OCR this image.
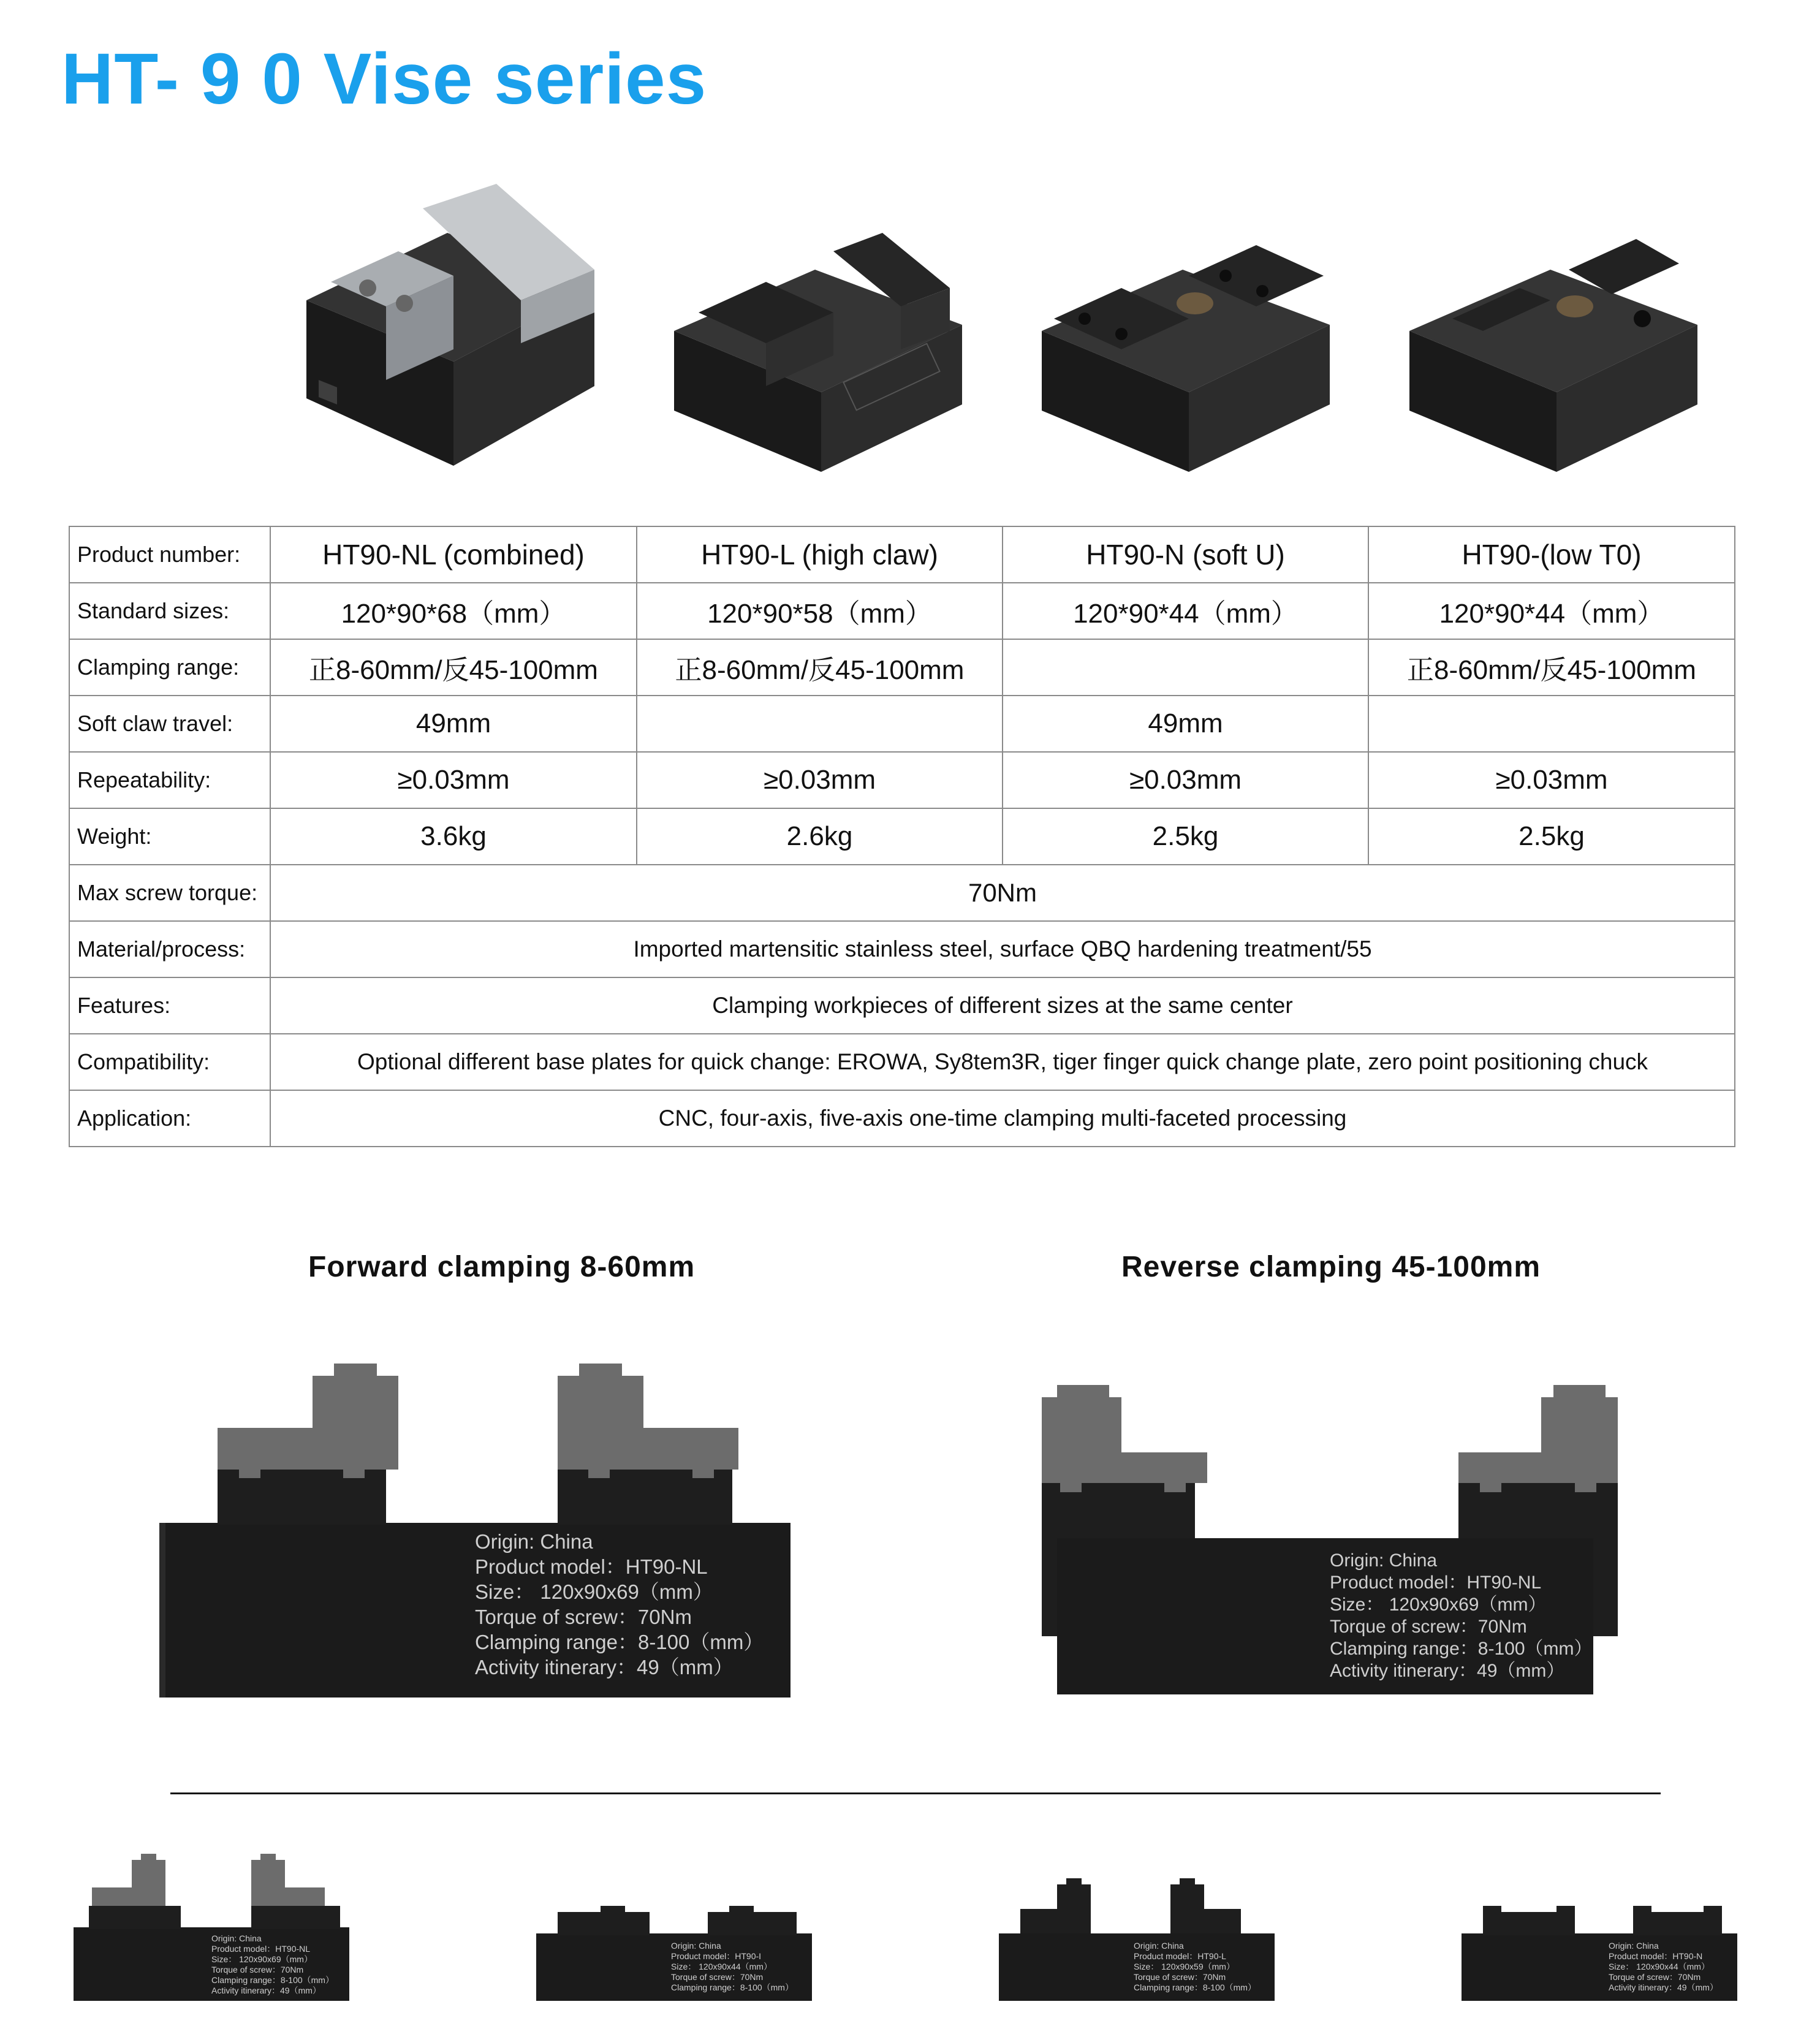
HT- 9 0 Vise series
Product number:	HT90-NL (combined)	HT90-L (high claw)	HT90-N (soft U)	HT90-(low T0)
Standard sizes:	120*90*68（mm）	120*90*58（mm）	120*90*44（mm）	120*90*44（mm）
Clamping range:	正8-60mm/反45-100mm	正8-60mm/反45-100mm		正8-60mm/反45-100mm
Soft claw travel:	49mm		49mm	
Repeatability:	≥0.03mm	≥0.03mm	≥0.03mm	≥0.03mm
Weight:	3.6kg	2.6kg	2.5kg	2.5kg
Max screw torque:	70Nm			
Material/process:	Imported martensitic stainless steel, surface QBQ hardening treatment/55			
Features:	Clamping workpieces of different sizes at the same center			
Compatibility:	Optional different base plates for quick change: EROWA, Sy8tem3R, tiger finger quick change plate, zero point positioning chuck			
Application:	CNC, four-axis, five-axis one-time clamping multi-faceted processing			
Forward clamping 8-60mm	Reverse clamping 45-100mm
Origin: China
Product model：HT90-NL
Size： 120x90x69（mm）
Torque of screw：70Nm
Clamping range：8-100（mm）
Activity itinerary：49（mm）
Origin: China
Product model：HT90-NL
Size： 120x90x69（mm）
Torque of screw：70Nm
Clamping range：8-100（mm）
Activity itinerary：49（mm）
Origin: China
Product model：HT90-NL
Size： 120x90x69（mm）
Torque of screw：70Nm
Clamping range：8-100（mm）
Activity itinerary：49（mm）
Origin: China
Product model：HT90-I
Size： 120x90x44（mm）
Torque of screw：70Nm
Clamping range：8-100（mm）
Origin: China
Product model：HT90-L
Size： 120x90x59（mm）
Torque of screw：70Nm
Clamping range：8-100（mm）
Origin: China
Product model：HT90-N
Size： 120x90x44（mm）
Torque of screw：70Nm
Activity itinerary：49（mm）
